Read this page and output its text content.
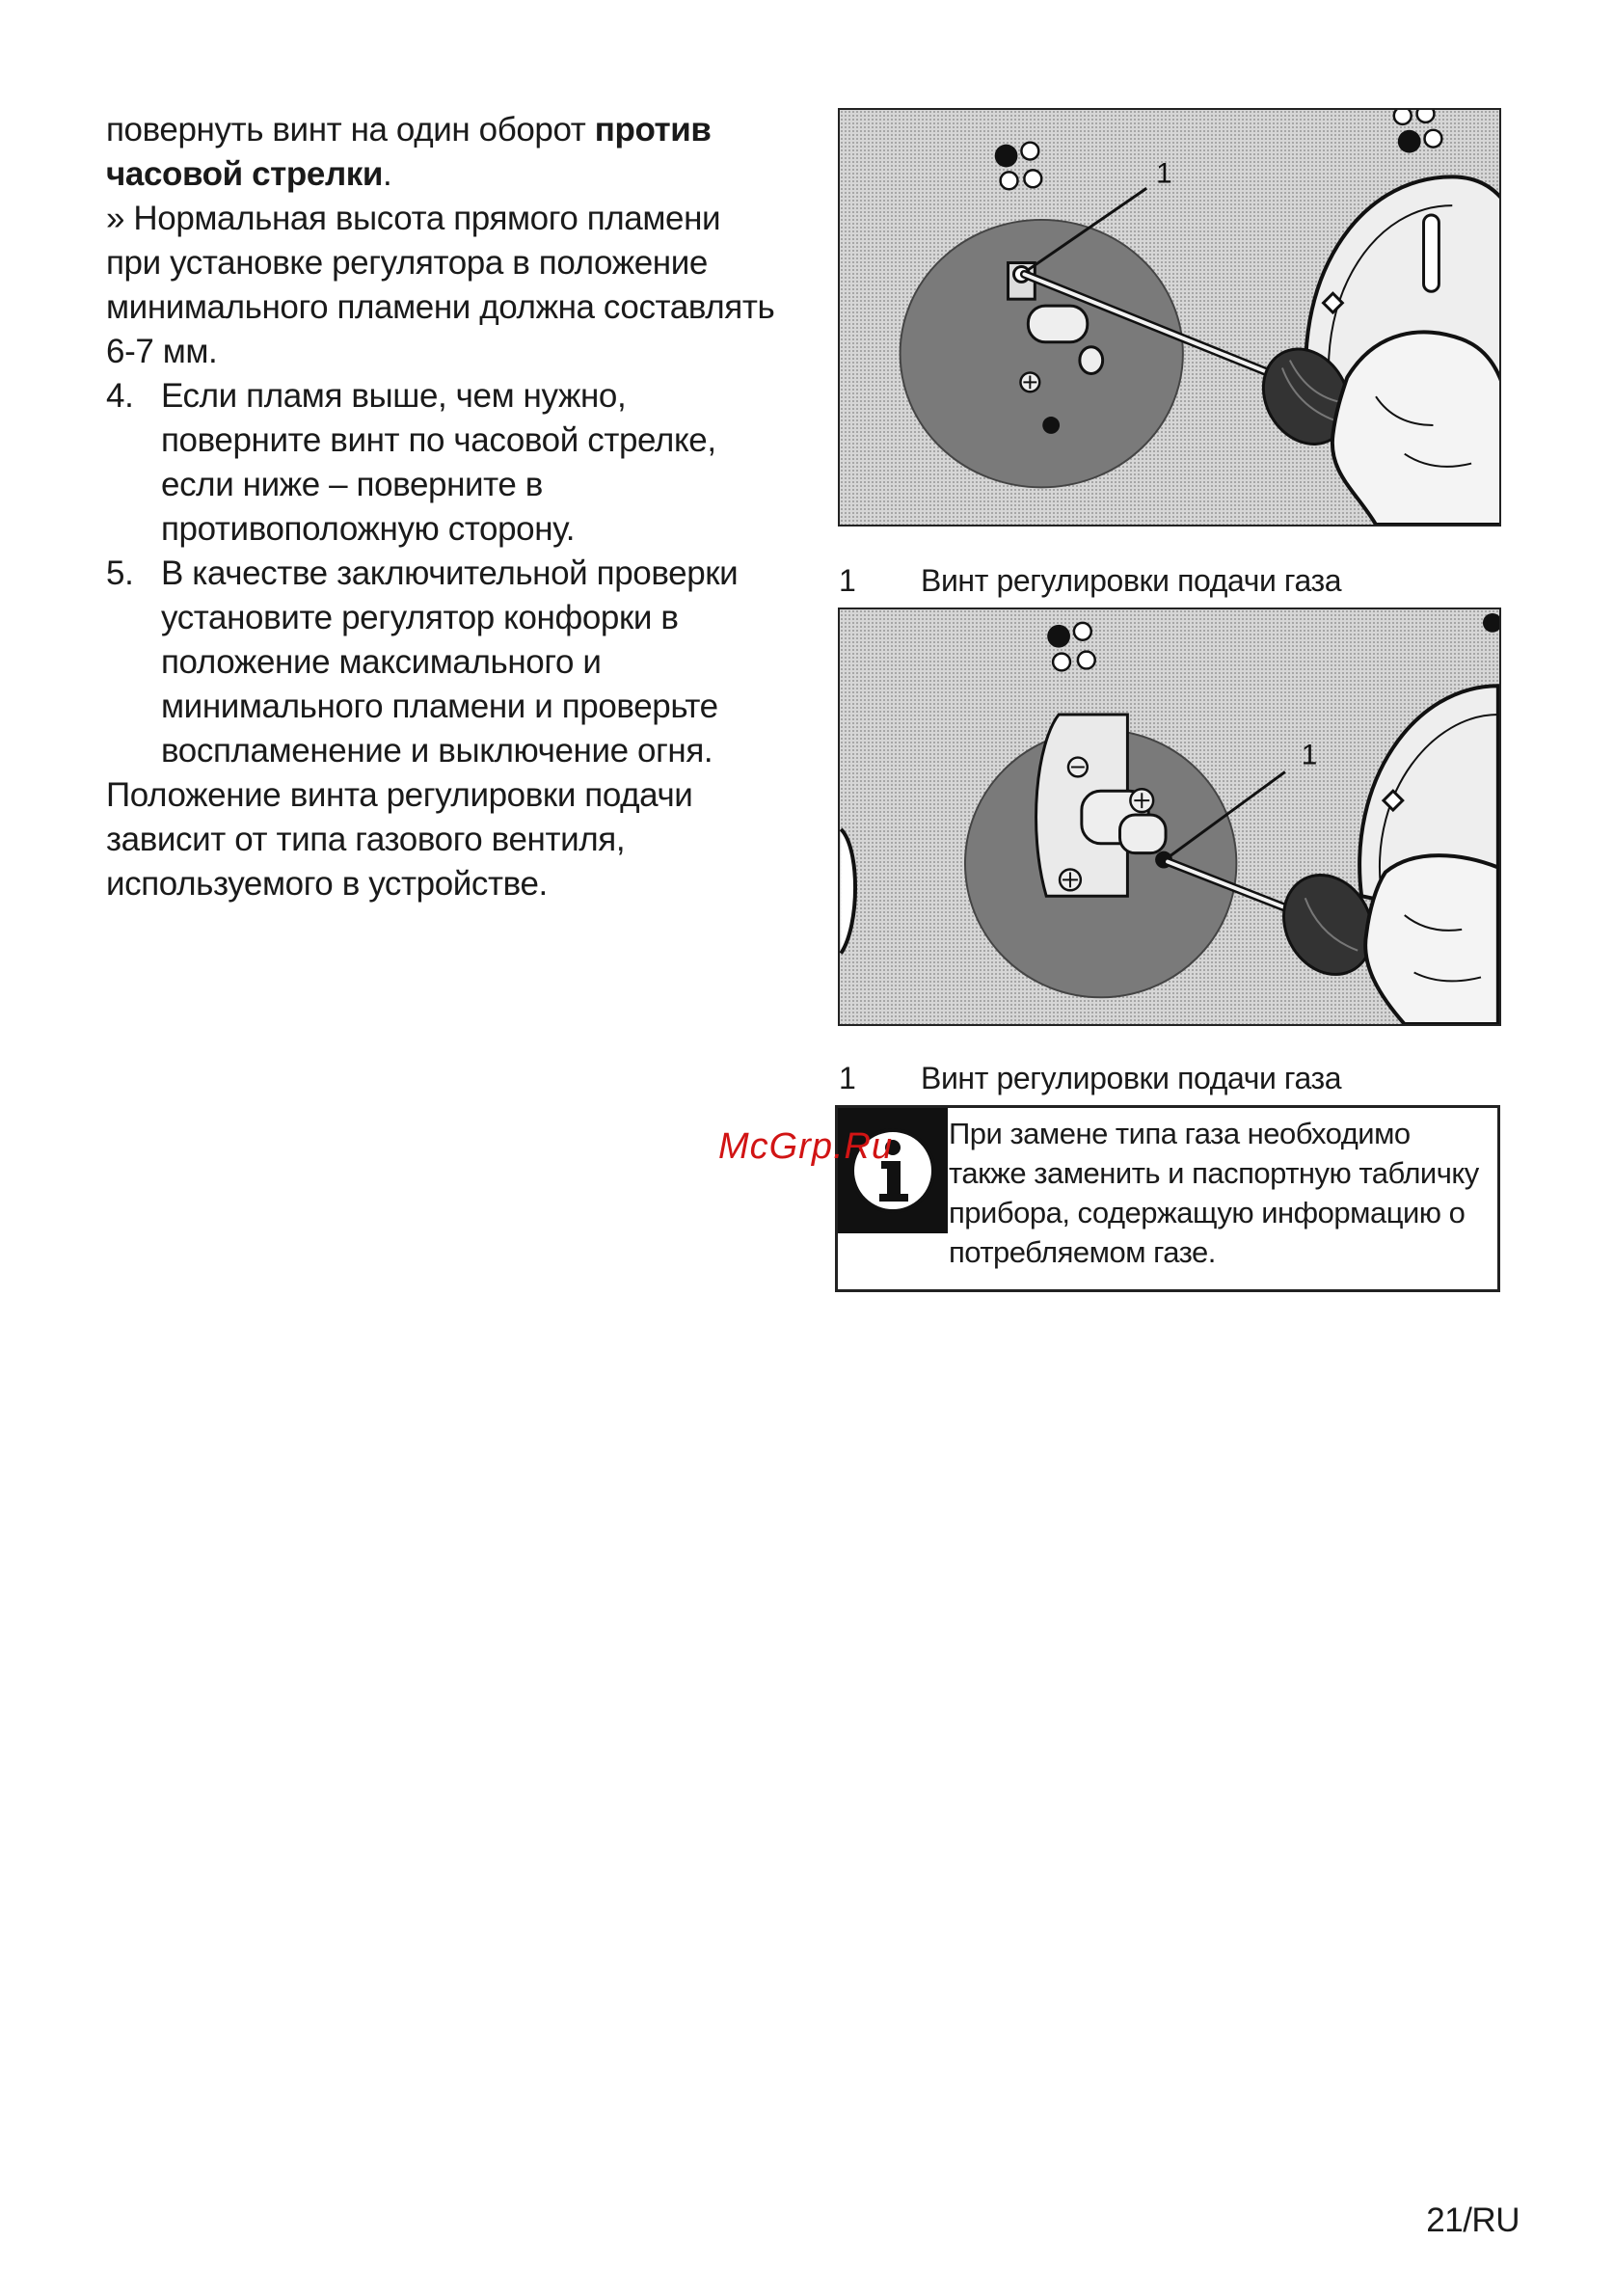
повернуть винт на один оборот против часовой стрелки.

» Нормальная высота прямого пламени при установке регулятора в положение минимального пламени должна составлять 6-7 мм.

4. Если пламя выше, чем нужно, поверните винт по часовой стрелке, если ниже – поверните в противоположную сторону.
5. В качестве заключительной проверки установите регулятор конфорки в положение максимального и минимального пламени и проверьте воспламенение и выключение огня.

Положение винта регулировки подачи зависит от типа газового вентиля, используемого в устройстве.

1
1	Винт регулировки подачи газа
1
1	Винт регулировки подачи газа
При замене типа газа необходимо также заменить и паспортную табличку прибора, содержащую информацию о потребляемом газе.
McGrp.Ru
21/RU
